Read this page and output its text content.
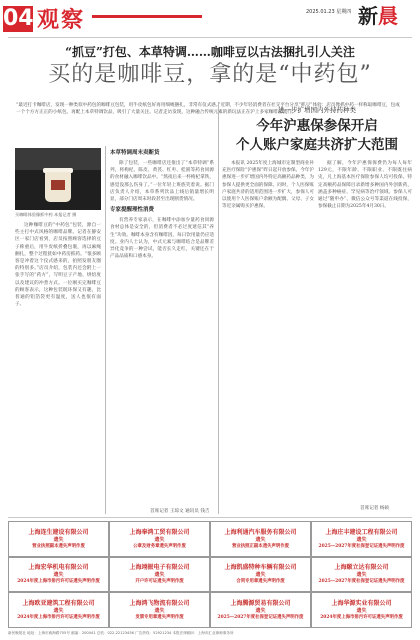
04 观察	2025.01.23 星期四 新晨
“抓豆”打包、本草特调……咖啡豆以古法捆扎引人关注
买的是咖啡豆，拿的是“中药包”
“最近打卡咖啡店，发现一种类似中药包的咖啡豆包装，用牛皮纸包好再用细绳捆扎，非常有仪式感。”近期，不少年轻消费者在社交平台分享“抓豆”体验：店员像抓中药一样称取咖啡豆，包成一个个方方正正的小纸包，再配上本草特调饮品，吸引了大量关注。记者走访发现，这种融合传统元素的新玩法正在沪上多家咖啡店流行。
买咖啡体验像抓中药 本报记者 摄

这种咖啡豆的“中药包”包装，源自一些主打中式风格的咖啡品牌。记者在静安区一家门店看到，店员按照顾客选择的豆子称重后，用牛皮纸折叠包裹，再以麻绳捆扎，整个过程犹如中药房抓药。“很多顾客是冲着这个仪式感来的，拍照发朋友圈的特别多。”店员介绍，包装内还会附上一张手写的“药方”，写明豆子产地、烘焙度以及建议的冲煮方式。一位刚买完咖啡豆的顾客表示，这种包装既环保又有趣，比普通的铝箔袋更有温度，送人也很有面子。

本草特调周末卖断货

除了包装，一些咖啡店还推出了“本草特调”系列，将枸杞、陈皮、黄芪、红枣、桂圆等药食同源的食材融入咖啡饮品中。“熬夜后来一杯枸杞拿铁，感觉没那么伤身了。”一位年轻上班族笑着说。据门店负责人介绍，本草系列饮品上线后销量增长明显，部分门店周末时段甚至出现断货情况。

专家提醒理性消费

有营养专家表示，在咖啡中添加少量药食同源食材总体是安全的，但消费者不必过度迷信其“养生”功效。咖啡本身含有咖啡因，每日饮用量仍应适度。业内人士认为，中式元素与咖啡结合是品牌差异化竞争的一种尝试，能否长久走红，关键还在于产品品质和口感本身。

首席记者 王琼文 通讯员 钱吉
进一步扩增国内外持药种类
今年沪惠保参保开启
个人账户家庭共济扩大范围

本报讯 2025年度上海城市定制型商业补充医疗保险“沪惠保”昨日起开放参保。今年沪惠保进一步扩增国内外特定高额药品种类，为参保人提供更全面的保障。同时，个人医保账户家庭共济的适用范围进一步扩大，参保人可以使用个人医保账户余额为配偶、父母、子女等近亲属购买沪惠保。

据了解，今年沪惠保保费仍为每人每年129元，不限年龄、不限职业、不限既往病史，凡上海基本医疗保险参保人均可投保。特定高额药品保障目录新增多种国内外创新药，涵盖多种癌症、罕见病等治疗领域。参保人可通过“随申办”、微信公众号等渠道在线投保，参保截止日期为2025年4月30日。

首席记者 杨硕
上海连生建设有限公司
遗失
营业执照副本遗失声明作废
上海奉鸿工贸有限公司
遗失
公章及财务章遗失声明作废
上海利通汽车服务有限公司
遗失
营业执照正副本遗失声明作废
上海庄丰建设工程有限公司
遗失
2025—2027年度社保登记证遗失声明作废
上海宏华机电有限公司
遗失
2024年度上海市排污许可证遗失声明作废
上海翊振电子有限公司
遗失
开户许可证遗失声明作废
上海凯盛特种车辆有限公司
遗失
合同专用章遗失声明作废
上海颐立达有限公司
遗失
2025—2027年度社保登记证遗失声明作废
上海欧亚建筑工程有限公司
遗失
2024年度上海市排污许可证遗失声明作废
上海鸿飞物流有限公司
遗失
发票专用章遗失声明作废
上海腾源贸易有限公司
遗失
2025—2027年度社保登记证遗失声明作废
上海华源实业有限公司
遗失
2024年度上海市排污许可证遗失声明作废
新民晚报社 地址：上海市威海路755号 邮编：200041 总机：022-22123456 广告热线：52921234 本报法律顾问：上海市汇业律师事务所
